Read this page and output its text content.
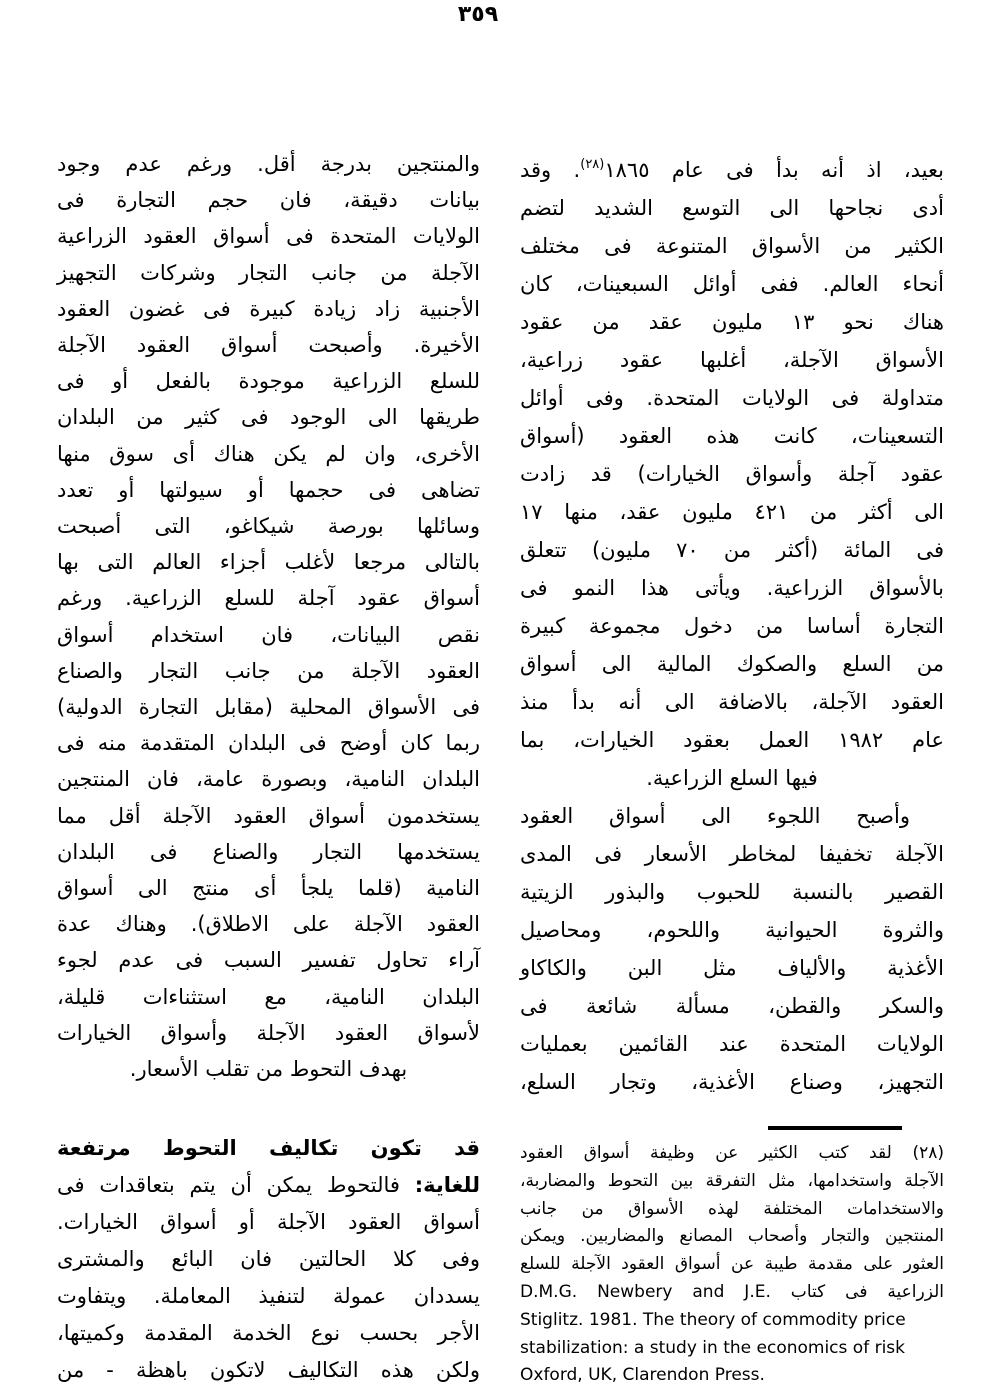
٣٥٩
بعيد، اذ أنه بدأ فى عام ١٨٦٥$^{(٢٨)}$. وقد
أدى نجاحها الى التوسع الشديد لتضم
الكثير من الأسواق المتنوعة فى مختلف
أنحاء العالم. ففى أوائل السبعينات، كان
هناك نحو ١٣ مليون عقد من عقود
الأسواق الآجلة، أغلبها عقود زراعية،
متداولة فى الولايات المتحدة. وفى أوائل
التسعينات، كانت هذه العقود (أسواق
عقود آجلة وأسواق الخيارات) قد زادت
الى أكثر من ٤٢١ مليون عقد، منها ١٧
فى المائة (أكثر من ٧٠ مليون) تتعلق
بالأسواق الزراعية. ويأتى هذا النمو فى
التجارة أساسا من دخول مجموعة كبيرة
من السلع والصكوك المالية الى أسواق
العقود الآجلة، بالاضافة الى أنه بدأ منذ
عام ١٩٨٢ العمل بعقود الخيارات، بما
فيها السلع الزراعية.
وأصبح اللجوء الى أسواق العقود
الآجلة تخفيفا لمخاطر الأسعار فى المدى
القصير بالنسبة للحبوب والبذور الزيتية
والثروة الحيوانية واللحوم، ومحاصيل
الأغذية والألياف مثل البن والكاكاو
والسكر والقطن، مسألة شائعة فى
الولايات المتحدة عند القائمين بعمليات
التجهيز، وصناع الأغذية، وتجار السلع،
والمنتجين بدرجة أقل. ورغم عدم وجود
بيانات دقيقة، فان حجم التجارة فى
الولايات المتحدة فى أسواق العقود الزراعية
الآجلة من جانب التجار وشركات التجهيز
الأجنبية زاد زيادة كبيرة فى غضون العقود
الأخيرة. وأصبحت أسواق العقود الآجلة
للسلع الزراعية موجودة بالفعل أو فى
طريقها الى الوجود فى كثير من البلدان
الأخرى، وان لم يكن هناك أى سوق منها
تضاهى فى حجمها أو سيولتها أو تعدد
وسائلها بورصة شيكاغو، التى أصبحت
بالتالى مرجعا لأغلب أجزاء العالم التى بها
أسواق عقود آجلة للسلع الزراعية. ورغم
نقص البيانات، فان استخدام أسواق
العقود الآجلة من جانب التجار والصناع
فى الأسواق المحلية (مقابل التجارة الدولية)
ربما كان أوضح فى البلدان المتقدمة منه فى
البلدان النامية، وبصورة عامة، فان المنتجين
يستخدمون أسواق العقود الآجلة أقل مما
يستخدمها التجار والصناع فى البلدان
النامية (قلما يلجأ أى منتج الى أسواق
العقود الآجلة على الاطلاق). وهناك عدة
آراء تحاول تفسير السبب فى عدم لجوء
البلدان النامية، مع استثناءات قليلة،
لأسواق العقود الآجلة وأسواق الخيارات
بهدف التحوط من تقلب الأسعار.
قد تكون تكاليف التحوط مرتفعة
للغاية: فالتحوط يمكن أن يتم بتعاقدات فى
أسواق العقود الآجلة أو أسواق الخيارات.
وفى كلا الحالتين فان البائع والمشترى
يسددان عمولة لتنفيذ المعاملة. ويتفاوت
الأجر بحسب نوع الخدمة المقدمة وكميتها،
ولكن هذه التكاليف لاتكون باهظة - من
(٢٨) لقد كتب الكثير عن وظيفة أسواق العقود
الآجلة واستخدامها، مثل التفرقة بين التحوط والمضاربة،
والاستخدامات المختلفة لهذه الأسواق من جانب
المنتجين والتجار وأصحاب المصانع والمضاربين. ويمكن
العثور على مقدمة طيبة عن أسواق العقود الآجلة للسلع
الزراعية فى كتاب D.M.G. Newbery and J.E.
Stiglitz. 1981. The theory of commodity price
stabilization: a study in the economics of risk
Oxford, UK, Clarendon Press.
